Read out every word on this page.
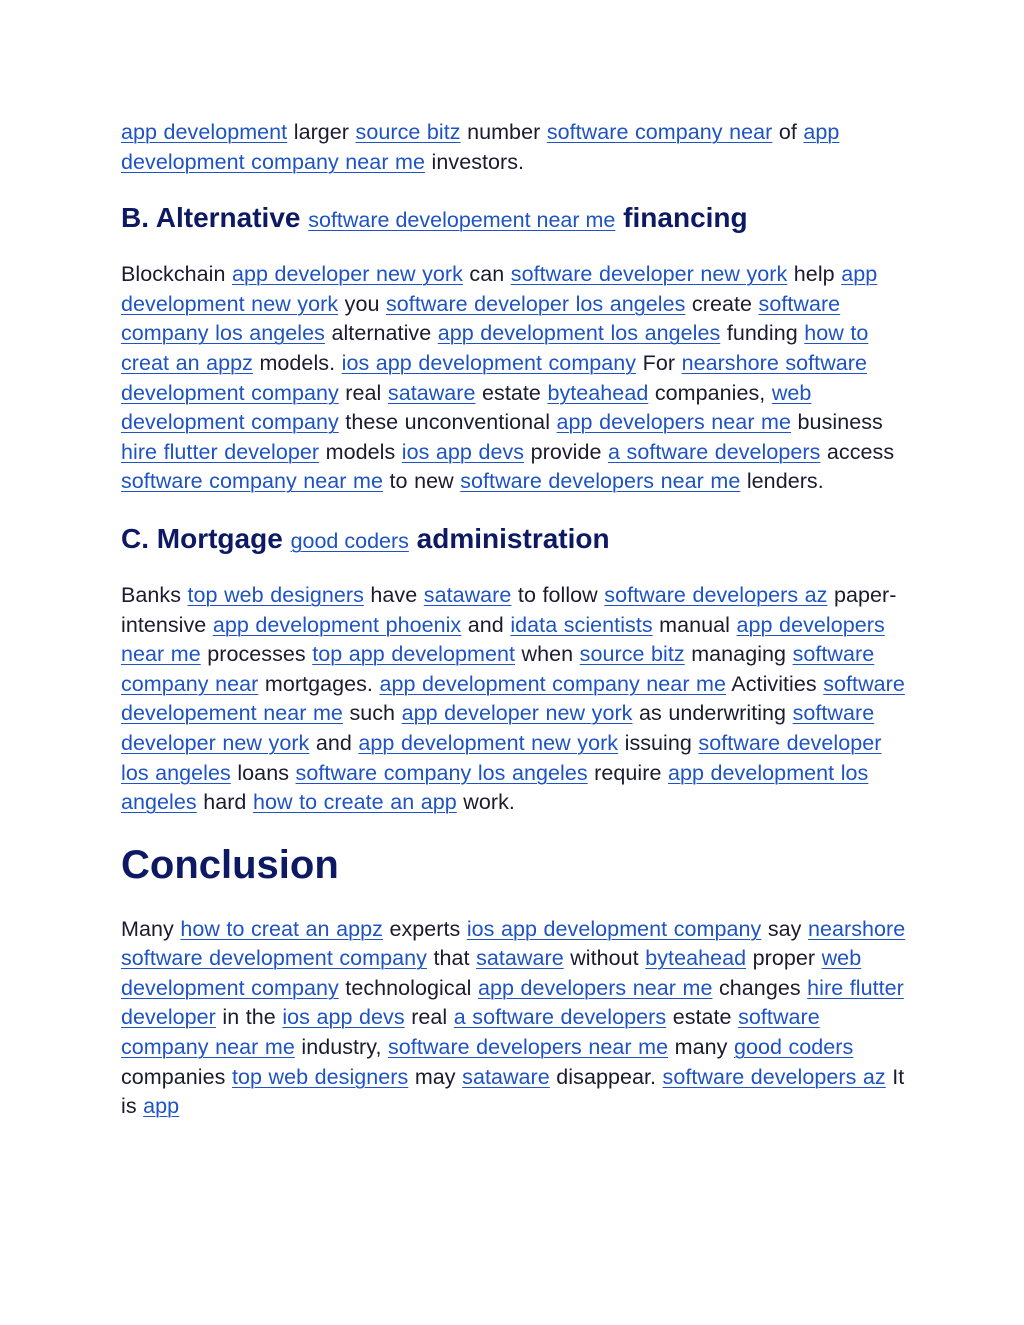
app development larger source bitz number software company near of app development company near me investors.

B. Alternative software developement near me financing

Blockchain app developer new york can software developer new york help app development new york you software developer los angeles create software company los angeles alternative app development los angeles funding how to creat an appz models. ios app development company For nearshore software development company real sataware estate byteahead companies, web development company these unconventional app developers near me business hire flutter developer models ios app devs provide a software developers access software company near me to new software developers near me lenders.

C. Mortgage good coders administration

Banks top web designers have sataware to follow software developers az paper-intensive app development phoenix and idata scientists manual app developers near me processes top app development when source bitz managing software company near mortgages. app development company near me Activities software developement near me such app developer new york as underwriting software developer new york and app development new york issuing software developer los angeles loans software company los angeles require app development los angeles hard how to create an app work.

Conclusion

Many how to creat an appz experts ios app development company say nearshore software development company that sataware without byteahead proper web development company technological app developers near me changes hire flutter developer in the ios app devs real a software developers estate software company near me industry, software developers near me many good coders companies top web designers may sataware disappear. software developers az It is app
